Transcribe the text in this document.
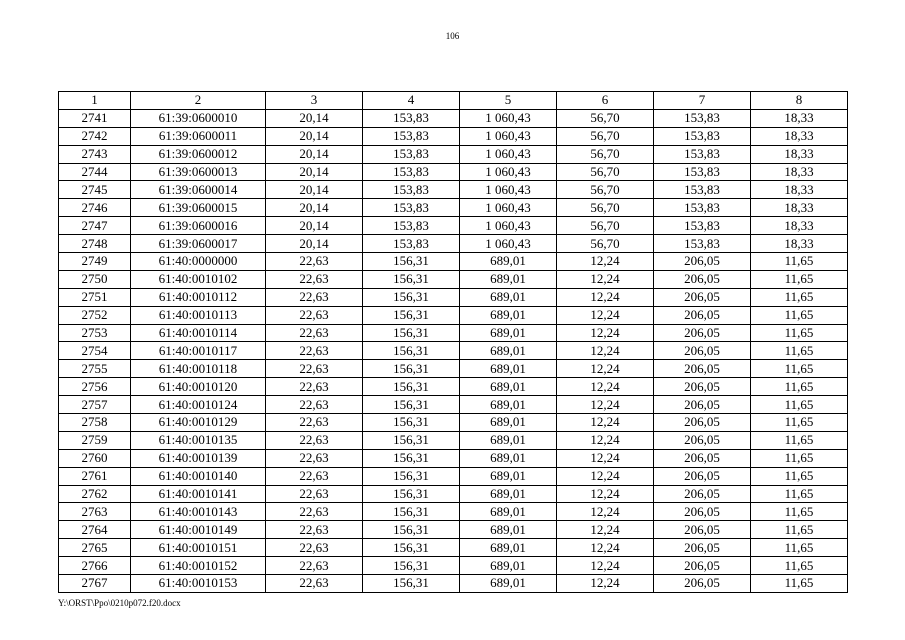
106
1	2	3	4	5	6	7	8
2741	61:39:0600010	20,14	153,83	1 060,43	56,70	153,83	18,33
2742	61:39:0600011	20,14	153,83	1 060,43	56,70	153,83	18,33
2743	61:39:0600012	20,14	153,83	1 060,43	56,70	153,83	18,33
2744	61:39:0600013	20,14	153,83	1 060,43	56,70	153,83	18,33
2745	61:39:0600014	20,14	153,83	1 060,43	56,70	153,83	18,33
2746	61:39:0600015	20,14	153,83	1 060,43	56,70	153,83	18,33
2747	61:39:0600016	20,14	153,83	1 060,43	56,70	153,83	18,33
2748	61:39:0600017	20,14	153,83	1 060,43	56,70	153,83	18,33
2749	61:40:0000000	22,63	156,31	689,01	12,24	206,05	11,65
2750	61:40:0010102	22,63	156,31	689,01	12,24	206,05	11,65
2751	61:40:0010112	22,63	156,31	689,01	12,24	206,05	11,65
2752	61:40:0010113	22,63	156,31	689,01	12,24	206,05	11,65
2753	61:40:0010114	22,63	156,31	689,01	12,24	206,05	11,65
2754	61:40:0010117	22,63	156,31	689,01	12,24	206,05	11,65
2755	61:40:0010118	22,63	156,31	689,01	12,24	206,05	11,65
2756	61:40:0010120	22,63	156,31	689,01	12,24	206,05	11,65
2757	61:40:0010124	22,63	156,31	689,01	12,24	206,05	11,65
2758	61:40:0010129	22,63	156,31	689,01	12,24	206,05	11,65
2759	61:40:0010135	22,63	156,31	689,01	12,24	206,05	11,65
2760	61:40:0010139	22,63	156,31	689,01	12,24	206,05	11,65
2761	61:40:0010140	22,63	156,31	689,01	12,24	206,05	11,65
2762	61:40:0010141	22,63	156,31	689,01	12,24	206,05	11,65
2763	61:40:0010143	22,63	156,31	689,01	12,24	206,05	11,65
2764	61:40:0010149	22,63	156,31	689,01	12,24	206,05	11,65
2765	61:40:0010151	22,63	156,31	689,01	12,24	206,05	11,65
2766	61:40:0010152	22,63	156,31	689,01	12,24	206,05	11,65
2767	61:40:0010153	22,63	156,31	689,01	12,24	206,05	11,65
Y:\ORST\Ppo\0210p072.f20.docx
